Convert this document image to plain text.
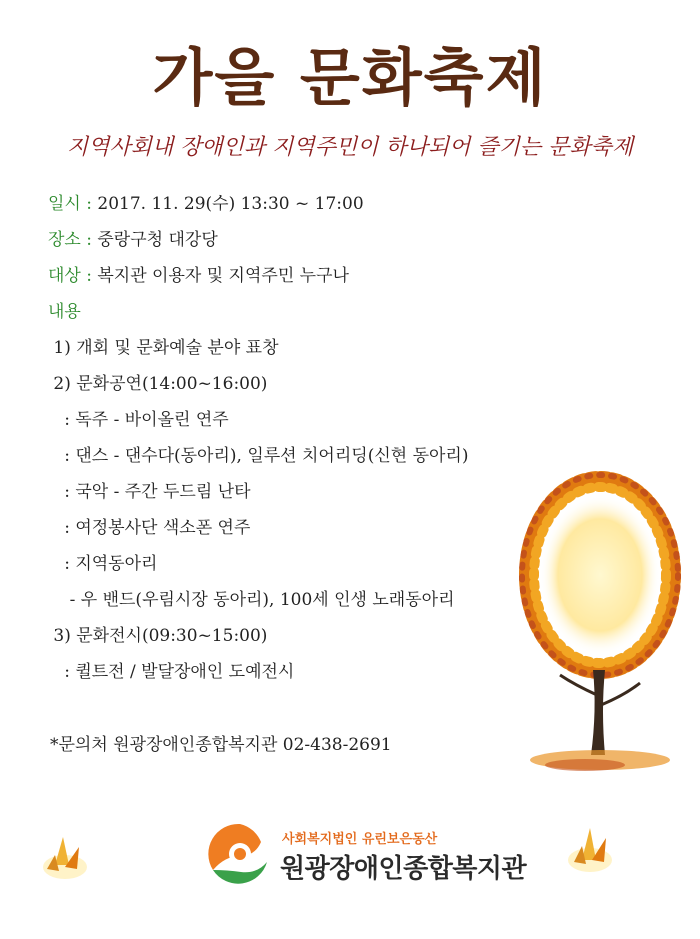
가을 문화축제
지역사회내 장애인과 지역주민이 하나되어 즐기는 문화축제
일시 : 2017. 11. 29(수) 13:30 ~ 17:00
장소 : 중랑구청 대강당
대상 : 복지관 이용자 및 지역주민 누구나
내용
1) 개회 및 문화예술 분야 표창
2) 문화공연(14:00~16:00)
: 독주 - 바이올린 연주
: 댄스 - 댄수다(동아리), 일루션 치어리딩(신현 동아리)
: 국악 - 주간 두드림 난타
: 여정봉사단 색소폰 연주
: 지역동아리
- 우 밴드(우림시장 동아리), 100세 인생 노래동아리
3) 문화전시(09:30~15:00)
: 퀼트전 / 발달장애인 도예전시
*문의처 원광장애인종합복지관 02-438-2691
사회복지법인 유린보은동산
원광장애인종합복지관
